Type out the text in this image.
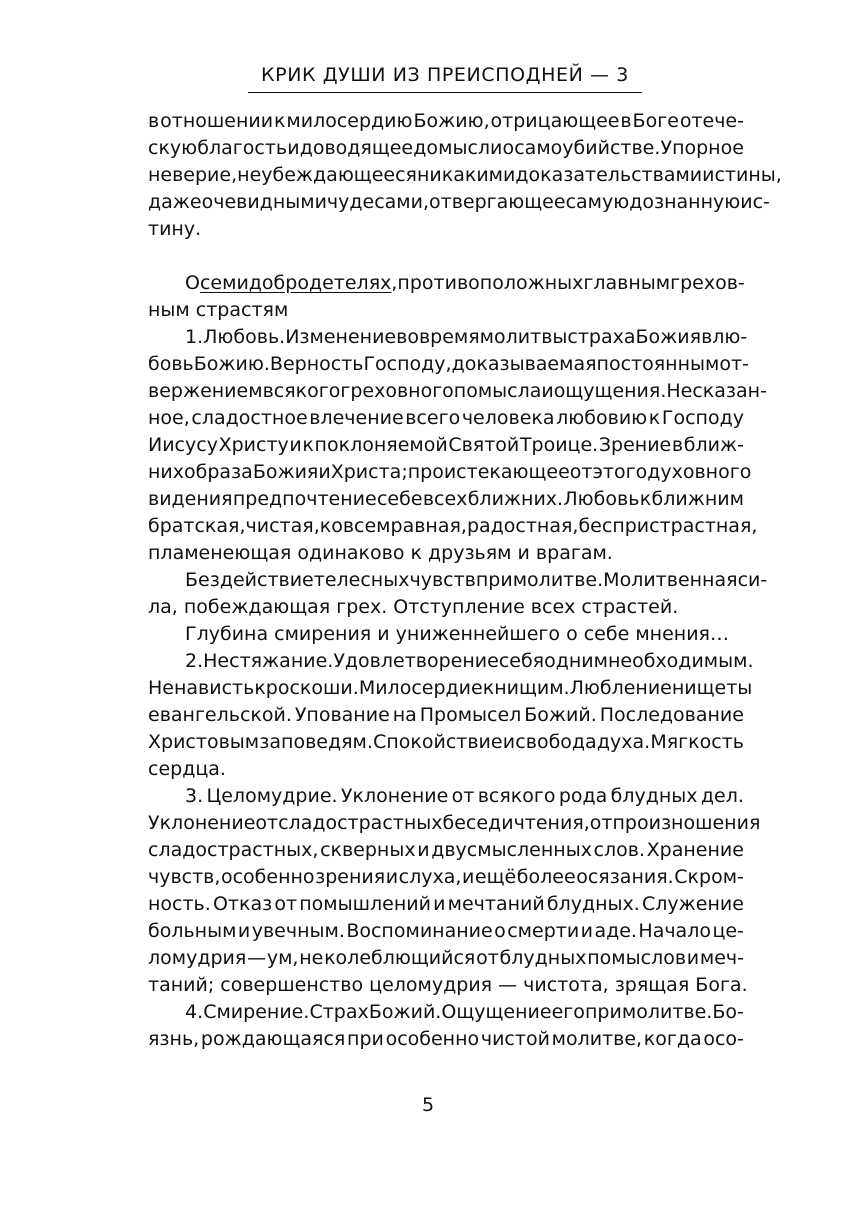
КРИК ДУШИ ИЗ ПРЕИСПОДНЕЙ — 3
в отношении к милосердию Божию, отрицающее в Боге отече-
скую благость и доводящее до мысли о самоубийстве. Упорное
неверие, не убеждающееся никакими доказательствами истины,
даже очевидными чудесами, отвергающее самую дознанную ис-
тину.
О семи добродетелях, противоположных главным грехов-
ным страстям
1. Любовь. Изменение во время молитвы страха Божия в лю-
бовь Божию. Верность Господу, доказываемая постоянным от-
вержением всякого греховного помысла и ощущения. Несказан-
ное, сладостное влечение всего человека любовию к Господу
Иисусу Христу и к поклоняемой Святой Троице. Зрение в ближ-
них образа Божия и Христа; проистекающее от этого духовного
видения предпочтение себе всех ближних. Любовь к ближним
братская, чистая, ко всем равная, радостная, беспристрастная,
пламенеющая одинаково к друзьям и врагам.
Бездействие телесных чувств при молитве. Молитвенная си-
ла, побеждающая грех. Отступление всех страстей.
Глубина смирения и униженнейшего о себе мнения…
2. Нестяжание. Удовлетворение себя одним необходимым.
Ненависть к роскоши. Милосердие к нищим. Любление нищеты
евангельской. Упование на Промысел Божий. Последование
Христовым заповедям. Спокойствие и свобода духа. Мягкость
сердца.
3. Целомудрие. Уклонение от всякого рода блудных дел.
Уклонение от сладострастных бесед и чтения, от произношения
сладострастных, скверных и двусмысленных слов. Хранение
чувств, особенно зрения и слуха, и ещё более осязания. Скром-
ность. Отказ от помышлений и мечтаний блудных. Служение
больным и увечным. Воспоминание о смерти и аде. Начало це-
ломудрия — ум, не колеблющийся от блудных помыслов и меч-
таний; совершенство целомудрия — чистота, зрящая Бога.
4. Смирение. Страх Божий. Ощущение его при молитве. Бо-
язнь, рождающаяся при особенно чистой молитве, когда осо-
5
